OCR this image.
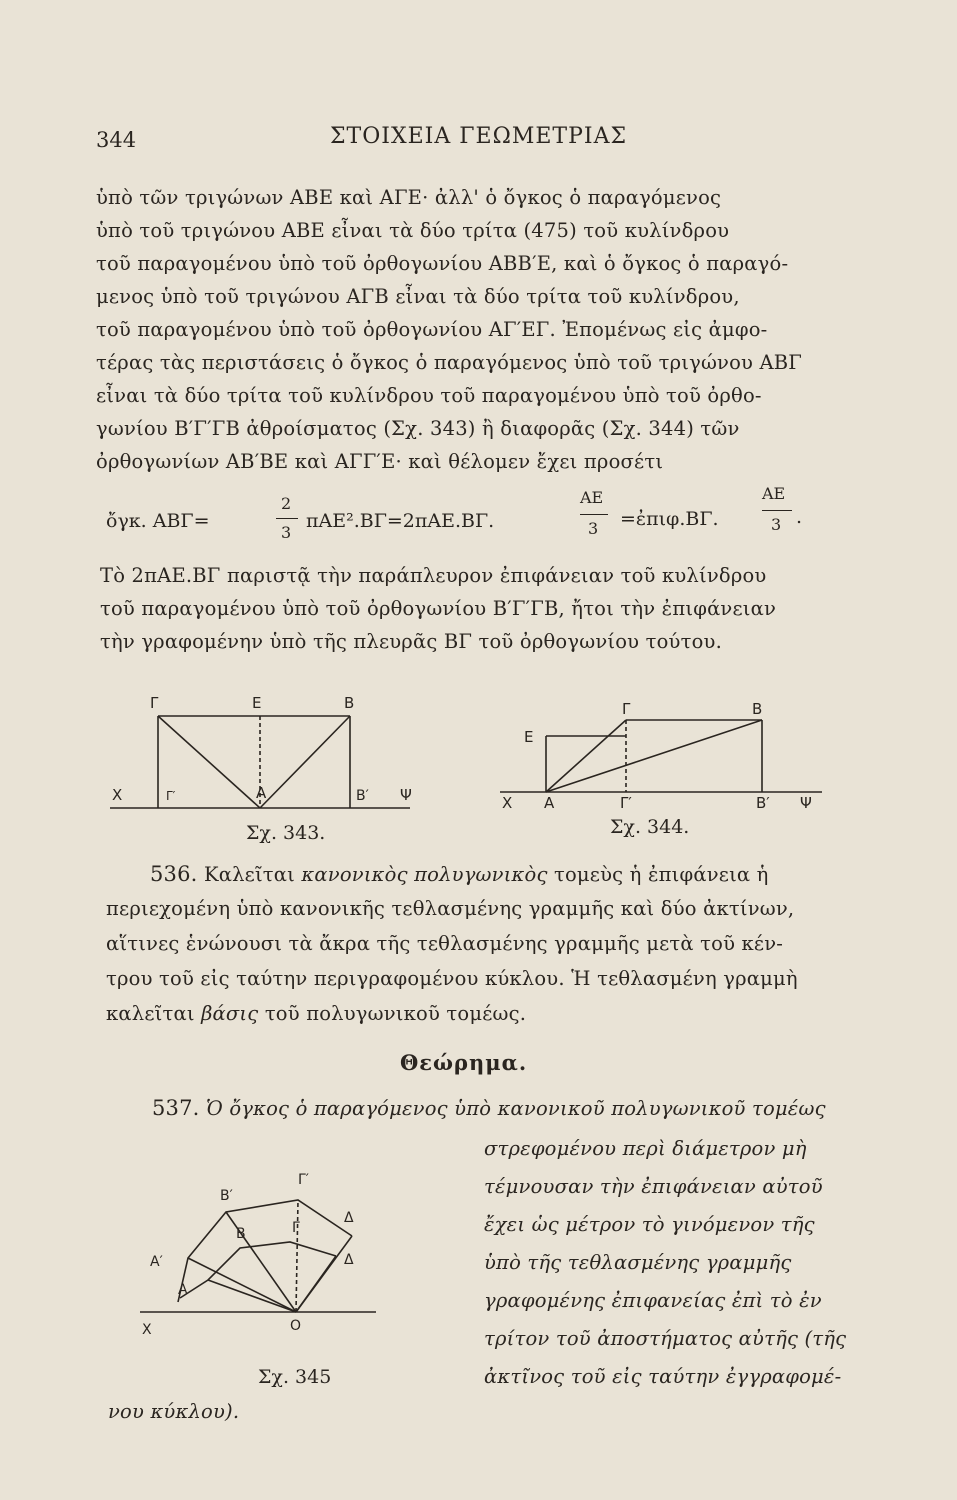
344	ΣΤΟΙΧΕΙΑ ΓΕΩΜΕΤΡΙΑΣ
ὑπὸ τῶν τριγώνων ΑΒΕ καὶ ΑΓΕ· ἀλλ' ὁ ὄγκος ὁ παραγόμενος
ὑπὸ τοῦ τριγώνου ΑΒΕ εἶναι τὰ δύο τρίτα (475) τοῦ κυλίνδρου
τοῦ παραγομένου ὑπὸ τοῦ ὀρθογωνίου ΑΒΒ′Ε, καὶ ὁ ὄγκος ὁ παραγό-
μενος ὑπὸ τοῦ τριγώνου ΑΓΒ εἶναι τὰ δύο τρίτα τοῦ κυλίνδρου,
τοῦ παραγομένου ὑπὸ τοῦ ὀρθογωνίου ΑΓ′ΕΓ. Ἐπομένως εἰς ἀμφο-
τέρας τὰς περιστάσεις ὁ ὄγκος ὁ παραγόμενος ὑπὸ τοῦ τριγώνου ΑΒΓ
εἶναι τὰ δύο τρίτα τοῦ κυλίνδρου τοῦ παραγομένου ὑπὸ τοῦ ὀρθο-
γωνίου Β′Γ′ΓΒ ἀθροίσματος (Σχ. 343) ἢ διαφορᾶς (Σχ. 344) τῶν
ὀρθογωνίων ΑΒ′ΒΕ καὶ ΑΓΓ′Ε· καὶ θέλομεν ἔχει προσέτι
ὄγκ. ΑΒΓ=
2
3
πΑΕ².ΒΓ=2πΑΕ.ΒΓ.
ΑΕ
3 =ἐπιφ.ΒΓ.
ΑΕ
3 .
Τὸ 2πΑΕ.ΒΓ παριστᾷ τὴν παράπλευρον ἐπιφάνειαν τοῦ κυλίνδρου
τοῦ παραγομένου ὑπὸ τοῦ ὀρθογωνίου Β′Γ′ΓΒ, ἤτοι τὴν ἐπιφάνειαν
τὴν γραφομένην ὑπὸ τῆς πλευρᾶς ΒΓ τοῦ ὀρθογωνίου τούτου.
Γ	Ε	Β
Χ	Γ′	Α	Β′ Ψ
Σχ. 343.
Γ	Β
Ε
Χ Α	Γ′	Β′ Ψ
Σχ. 344.
536. Καλεῖται κανονικὸς πολυγωνικὸς τομεὺς ἡ ἐπιφάνεια ἡ
περιεχομένη ὑπὸ κανονικῆς τεθλασμένης γραμμῆς καὶ δύο ἀκτίνων,
αἵτινες ἑνώνουσι τὰ ἄκρα τῆς τεθλασμένης γραμμῆς μετὰ τοῦ κέν-
τρου τοῦ εἰς ταύτην περιγραφομένου κύκλου. Ἡ τεθλασμένη γραμμὴ
καλεῖται βάσις τοῦ πολυγωνικοῦ τομέως.
Θεώρημα.
537. Ὁ ὄγκος ὁ παραγόμενος ὑπὸ κανονικοῦ πολυγωνικοῦ τομέως
στρεφομένου περὶ διάμετρον μὴ
τέμνουσαν τὴν ἐπιφάνειαν αὐτοῦ
ἔχει ὡς μέτρον τὸ γινόμενον τῆς
ὑπὸ τῆς τεθλασμένης γραμμῆς
γραφομένης ἐπιφανείας ἐπὶ τὸ ἐν
τρίτον τοῦ ἀποστήματος αὐτῆς (τῆς
ἀκτῖνος τοῦ εἰς ταύτην ἐγγραφομέ-
νου κύκλου).
Β′
Γ′
Β	Γ
Δ
Δ
Α′
Α
Χ	Ο
Σχ. 345
